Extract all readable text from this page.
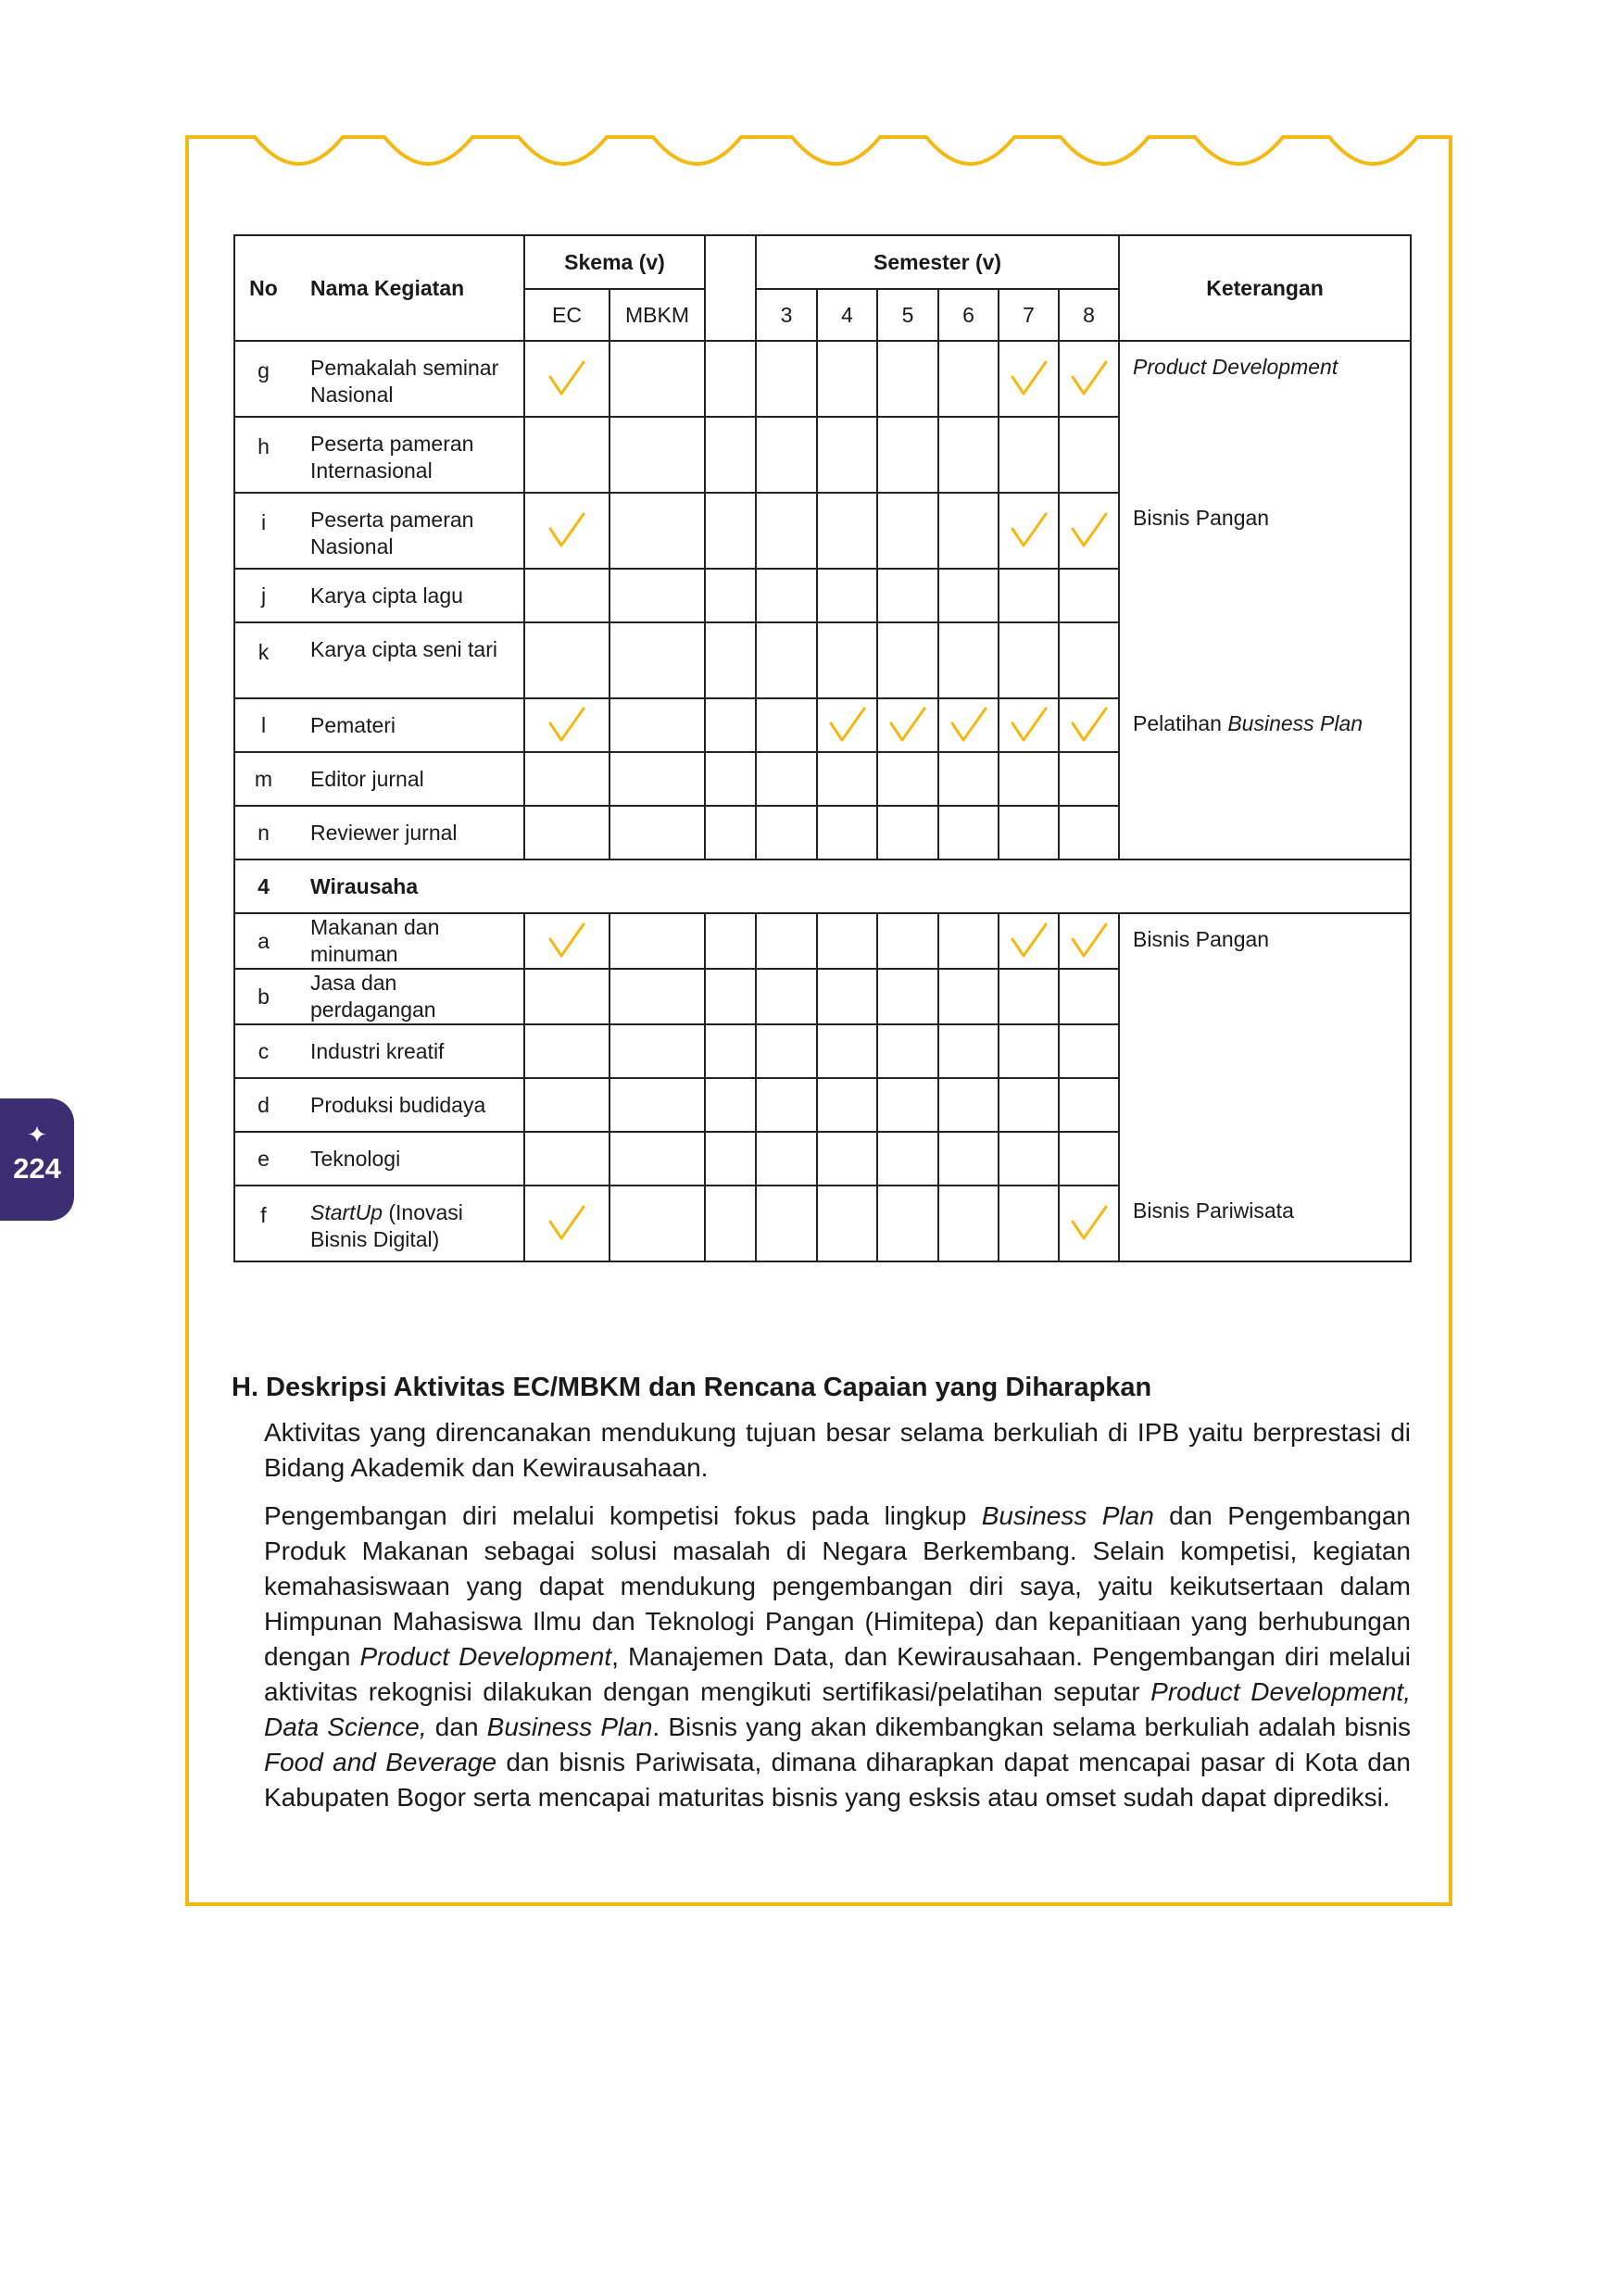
✦
224
No	Nama Kegiatan	Skema (v)			Semester (v)						Keterangan
		EC	MBKM		3	4	5	6	7	8	
g	Pemakalah seminar Nasional										Product Development
h	Peserta pameran Internasional										
i	Peserta pameran Nasional										Bisnis Pangan
j	Karya cipta lagu										
k	Karya cipta seni tari										
l	Pemateri										Pelatihan Business Plan
m	Editor jurnal										
n	Reviewer jurnal										
4	Wirausaha										
a	Makanan dan minuman										Bisnis Pangan
b	Jasa dan perdagangan										
c	Industri kreatif										
d	Produksi budidaya										
e	Teknologi										
f	StartUp (Inovasi Bisnis Digital)										Bisnis Pariwisata
H. Deskripsi Aktivitas EC/MBKM dan Rencana Capaian yang Diharapkan
Aktivitas yang direncanakan mendukung tujuan besar selama berkuliah di IPB yaitu berprestasi di Bidang Akademik dan Kewirausahaan.
Pengembangan diri melalui kompetisi fokus pada lingkup Business Plan dan Pengembangan Produk Makanan sebagai solusi masalah di Negara Berkembang. Selain kompetisi, kegiatan kemahasiswaan yang dapat mendukung pengembangan diri saya, yaitu keikutsertaan dalam Himpunan Mahasiswa Ilmu dan Teknologi Pangan (Himitepa) dan kepanitiaan yang berhubungan dengan Product Development, Manajemen Data, dan Kewirausahaan. Pengembangan diri melalui aktivitas rekognisi dilakukan dengan mengikuti sertifikasi/pelatihan seputar Product Development, Data Science, dan Business Plan. Bisnis yang akan dikembangkan selama berkuliah adalah bisnis Food and Beverage dan bisnis Pariwisata, dimana diharapkan dapat mencapai pasar di Kota dan Kabupaten Bogor serta mencapai maturitas bisnis yang esksis atau omset sudah dapat diprediksi.
